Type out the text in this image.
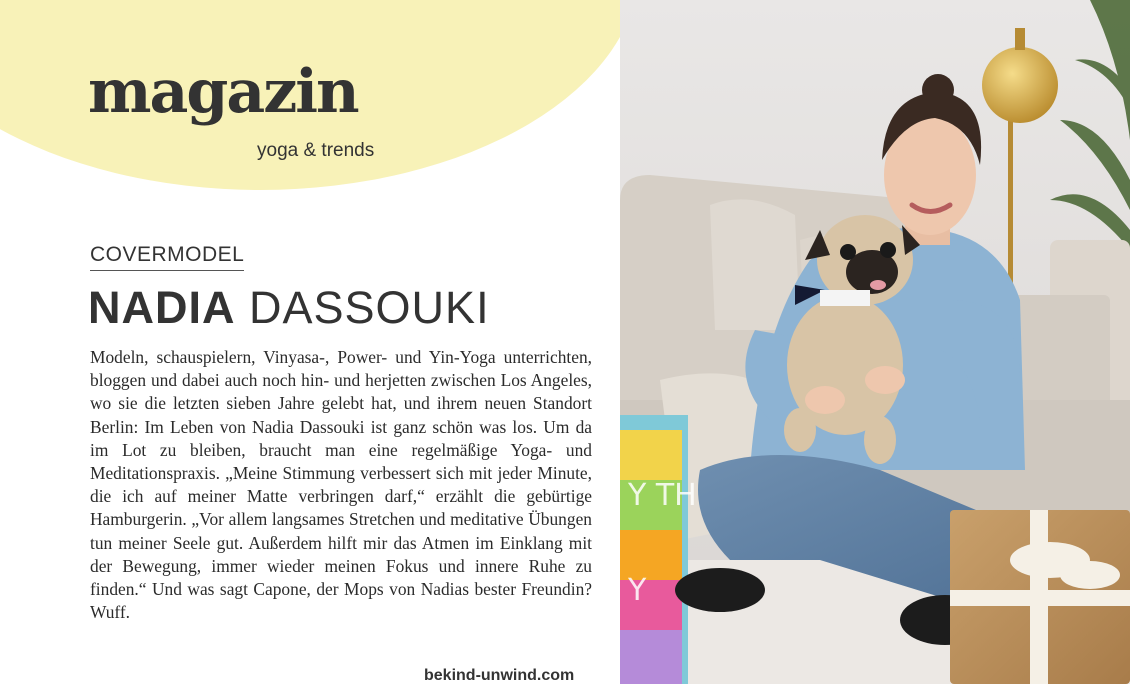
magazin
yoga & trends
COVERMODEL
NADIA DASSOUKI

Modeln, schauspielern, Vinyasa-, Power- und Yin-Yoga unterrichten, bloggen und dabei auch noch hin- und herjetten zwischen Los Angeles, wo sie die letzten sieben Jahre gelebt hat, und ihrem neuen Standort Berlin: Im Leben von Nadia Dassouki ist ganz schön was los. Um da im Lot zu bleiben, braucht man eine regelmäßige Yoga- und Meditationspraxis. „Meine Stimmung verbessert sich mit jeder Minute, die ich auf meiner Matte verbringen darf,“ erzählt die gebürtige Hamburgerin. „Vor allem langsames Stretchen und meditative Übungen tun meiner Seele gut. Außerdem hilft mir das Atmen im Einklang mit der Bewegung, immer wieder meinen Fokus und innere Ruhe zu finden.“ Und was sagt Capone, der Mops von Nadias bester Freundin? Wuff.

bekind-unwind.com
Y TH
Y
